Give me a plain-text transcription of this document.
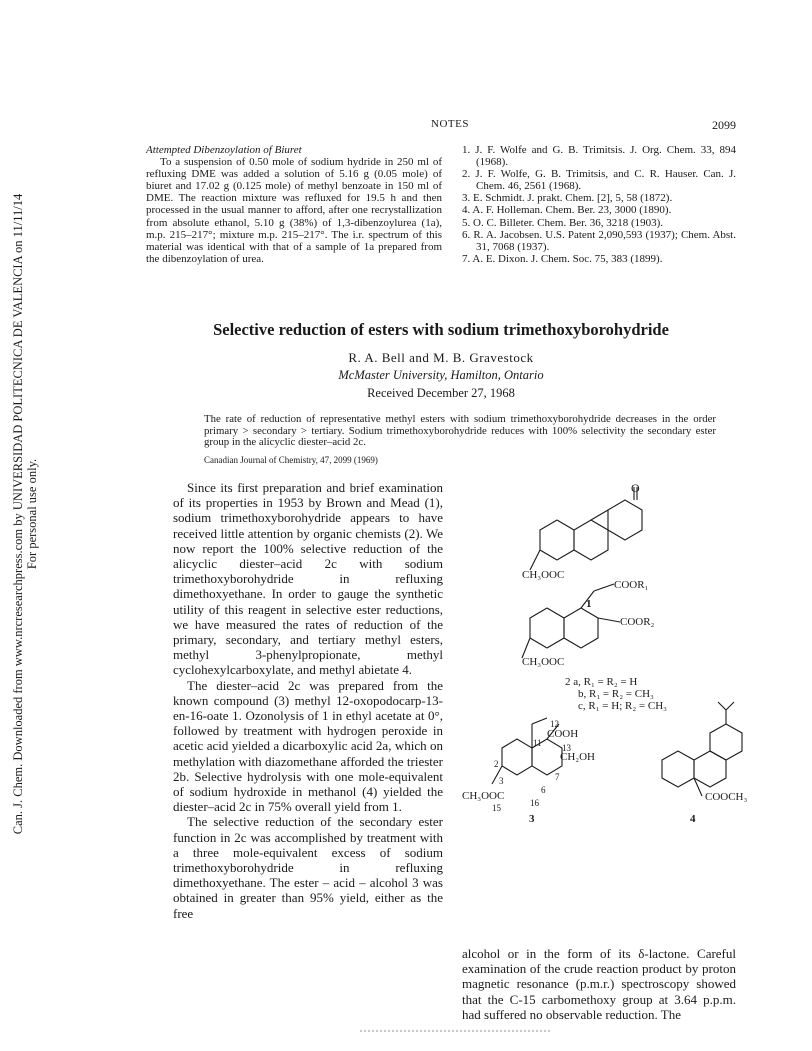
Can. J. Chem. Downloaded from www.nrcresearchpress.com by UNIVERSIDAD POLITECNICA DE VALENCIA on 11/11/14 For personal use only.
NOTES	2099
Attempted Dibenzoylation of Biuret

To a suspension of 0.50 mole of sodium hydride in 250 ml of refluxing DME was added a solution of 5.16 g (0.05 mole) of biuret and 17.02 g (0.125 mole) of methyl benzoate in 150 ml of DME. The reaction mixture was refluxed for 19.5 h and then processed in the usual manner to afford, after one recrystallization from absolute ethanol, 5.10 g (38%) of 1,3-dibenzoylurea (1a), m.p. 215–217°; mixture m.p. 215–217°. The i.r. spectrum of this material was identical with that of a sample of 1a prepared from the dibenzoylation of urea.

1. J. F. Wolfe and G. B. Trimitsis. J. Org. Chem. 33, 894 (1968).
2. J. F. Wolfe, G. B. Trimitsis, and C. R. Hauser. Can. J. Chem. 46, 2561 (1968).
3. E. Schmidt. J. prakt. Chem. [2], 5, 58 (1872).
4. A. F. Holleman. Chem. Ber. 23, 3000 (1890).
5. O. C. Billeter. Chem. Ber. 36, 3218 (1903).
6. R. A. Jacobsen. U.S. Patent 2,090,593 (1937); Chem. Abst. 31, 7068 (1937).
7. A. E. Dixon. J. Chem. Soc. 75, 383 (1899).
Selective reduction of esters with sodium trimethoxyborohydride
R. A. Bell and M. B. Gravestock
McMaster University, Hamilton, Ontario
Received December 27, 1968
The rate of reduction of representative methyl esters with sodium trimethoxyborohydride decreases in the order primary > secondary > tertiary. Sodium trimethoxyborohydride reduces with 100% selectivity the secondary ester group in the alicyclic diester–acid 2c.
Canadian Journal of Chemistry, 47, 2099 (1969)

Since its first preparation and brief examination of its properties in 1953 by Brown and Mead (1), sodium trimethoxyborohydride appears to have received little attention by organic chemists (2). We now report the 100% selective reduction of the alicyclic diester–acid 2c with sodium trimethoxyborohydride in refluxing dimethoxyethane. In order to gauge the synthetic utility of this reagent in selective ester reductions, we have measured the rates of reduction of the primary, secondary, and tertiary methyl esters, methyl 3-phenylpropionate, methyl cyclohexylcarboxylate, and methyl abietate 4.

The diester–acid 2c was prepared from the known compound (3) methyl 12-oxopodocarp-13-en-16-oate 1. Ozonolysis of 1 in ethyl acetate at 0°, followed by treatment with hydrogen peroxide in acetic acid yielded a dicarboxylic acid 2a, which on methylation with diazomethane afforded the triester 2b. Selective hydrolysis with one mole-equivalent of sodium hydroxide in methanol (4) yielded the diester–acid 2c in 75% overall yield from 1.

The selective reduction of the secondary ester function in 2c was accomplished by treatment with a three mole-equivalent excess of sodium trimethoxyborohydride in refluxing dimethoxyethane. The ester – acid – alcohol 3 was obtained in greater than 95% yield, either as the free

alcohol or in the form of its δ-lactone. Careful examination of the crude reaction product by proton magnetic resonance (p.m.r.) spectroscopy showed that the C-15 carbomethoxy group at 3.64 p.p.m. had suffered no observable reduction. The
O
CH₃OOC
1
COOR₁
COOR₂
CH₃OOC
2 a, R₁ = R₂ = H
b, R₁ = R₂ = CH₃
c, R₁ = H; R₂ = CH₃
12
COOH
11 13
CH₂OH
2
3
CH₃OOC
15	16
6
7
3
COOCH₃
4
